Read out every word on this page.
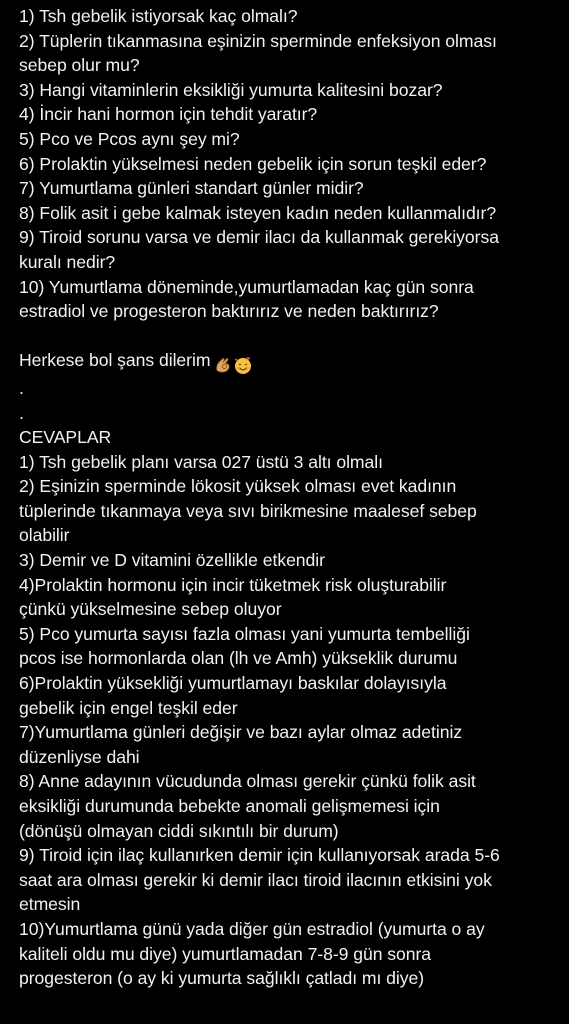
1) Tsh gebelik istiyorsak kaç olmalı?
2) Tüplerin tıkanmasına eşinizin sperminde enfeksiyon olması
sebep olur mu?
3) Hangi vitaminlerin eksikliği yumurta kalitesini bozar?
4) İncir hani hormon için tehdit yaratır?
5) Pco ve Pcos aynı şey mi?
6) Prolaktin yükselmesi neden gebelik için sorun teşkil eder?
7) Yumurtlama günleri standart günler midir?
8) Folik asit i gebe kalmak isteyen kadın neden kullanmalıdır?
9) Tiroid sorunu varsa ve demir ilacı da kullanmak gerekiyorsa
kuralı nedir?
10) Yumurtlama döneminde,yumurtlamadan kaç gün sonra
estradiol ve progesteron baktırırız ve neden baktırırız?
Herkese bol şans dilerim
.
.
CEVAPLAR
1) Tsh gebelik planı varsa 027 üstü 3 altı olmalı
2) Eşinizin sperminde lökosit yüksek olması evet kadının
tüplerinde tıkanmaya veya sıvı birikmesine maalesef sebep
olabilir
3) Demir ve D vitamini özellikle etkendir
4)Prolaktin hormonu için incir tüketmek risk oluşturabilir
çünkü yükselmesine sebep oluyor
5) Pco yumurta sayısı fazla olması yani yumurta tembelliği
pcos ise hormonlarda olan (lh ve Amh) yükseklik durumu
6)Prolaktin yüksekliği yumurtlamayı baskılar dolayısıyla
gebelik için engel teşkil eder
7)Yumurtlama günleri değişir ve bazı aylar olmaz adetiniz
düzenliyse dahi
8) Anne adayının vücudunda olması gerekir çünkü folik asit
eksikliği durumunda bebekte anomali gelişmemesi için
(dönüşü olmayan ciddi sıkıntılı bir durum)
9) Tiroid için ilaç kullanırken demir için kullanıyorsak arada 5-6
saat ara olması gerekir ki demir ilacı tiroid ilacının etkisini yok
etmesin
10)Yumurtlama günü yada diğer gün estradiol (yumurta o ay
kaliteli oldu mu diye) yumurtlamadan 7-8-9 gün sonra
progesteron (o ay ki yumurta sağlıklı çatladı mı diye)
